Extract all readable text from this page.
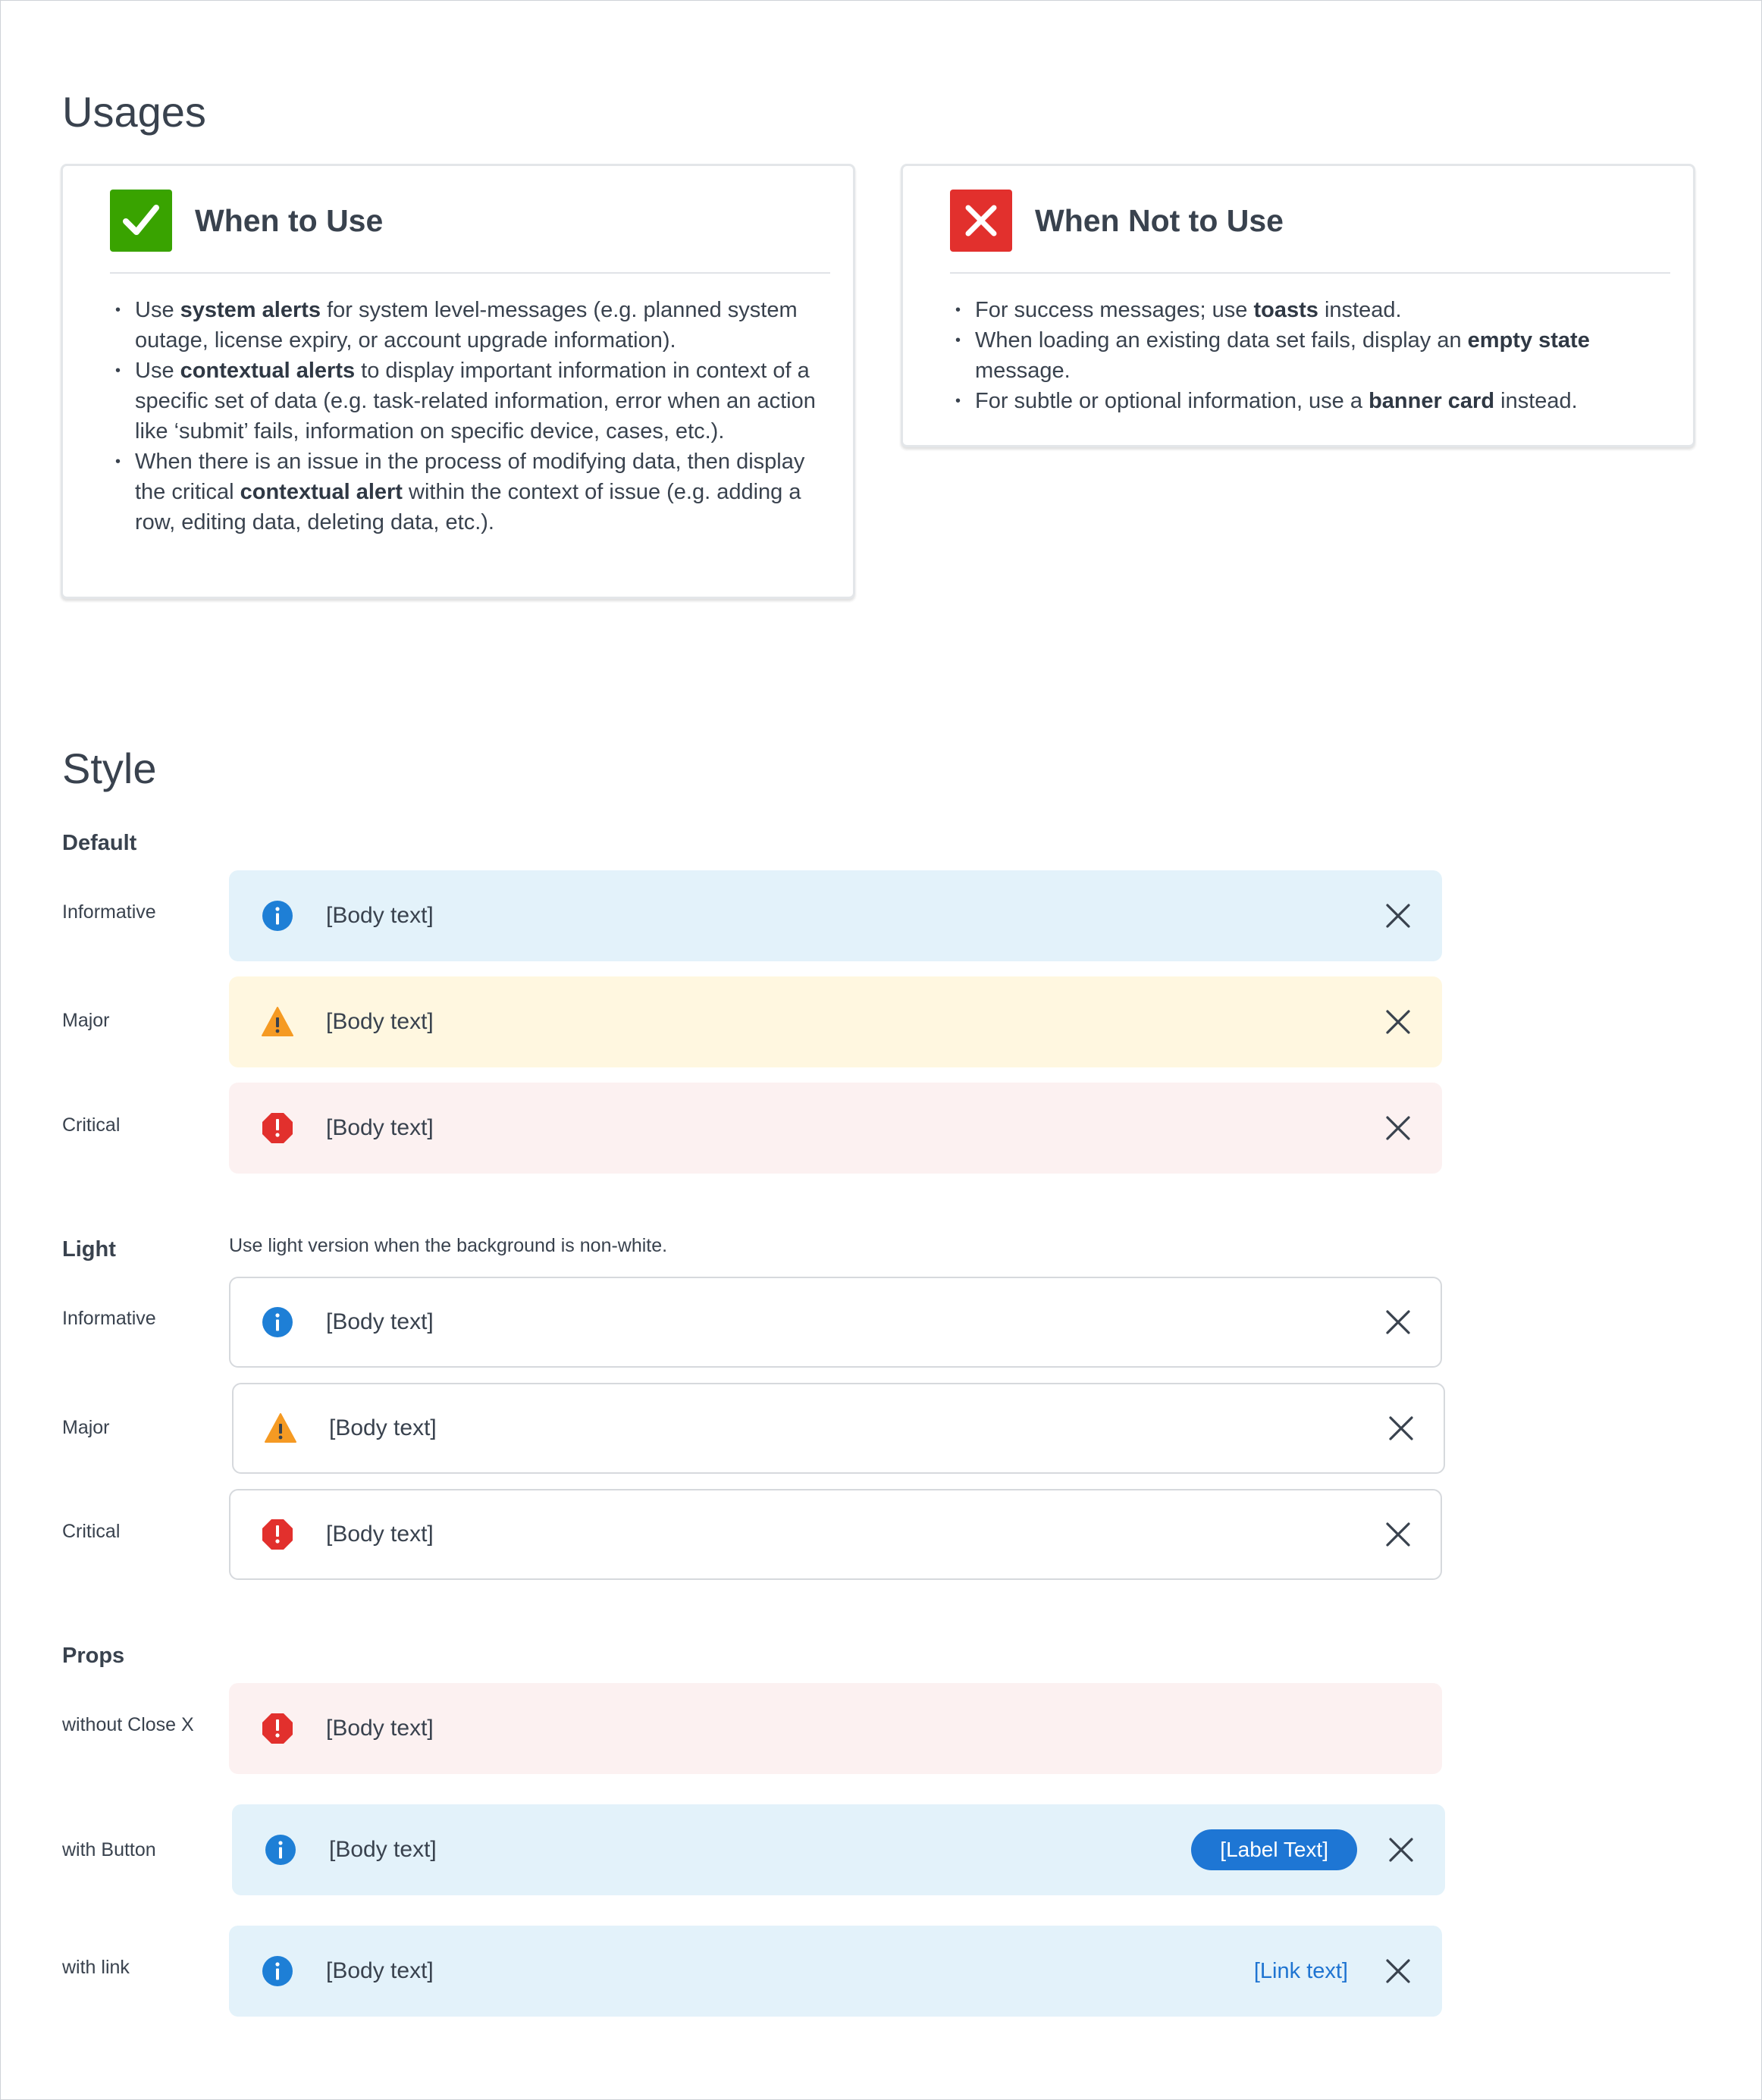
Usages
When to Use
• Use system alerts for system level-messages (e.g. planned system outage, license expiry, or account upgrade information).
• Use contextual alerts to display important information in context of a specific set of data (e.g. task-related information, error when an action like ‘submit’ fails, information on specific device, cases, etc.).
• When there is an issue in the process of modifying data, then display the critical contextual alert within the context of issue (e.g. adding a row, editing data, deleting data, etc.).
When Not to Use
• For success messages; use toasts instead.
• When loading an existing data set fails, display an empty state message.
• For subtle or optional information, use a banner card instead.
Style
Default
Informative	[Body text]
Major	[Body text]
Critical	[Body text]
Light	Use light version when the background is non-white.
Informative	[Body text]
Major	[Body text]
Critical	[Body text]
Props
without Close X	[Body text]
with Button	[Body text]	[Label Text]
with link	[Body text]	[Link text]
